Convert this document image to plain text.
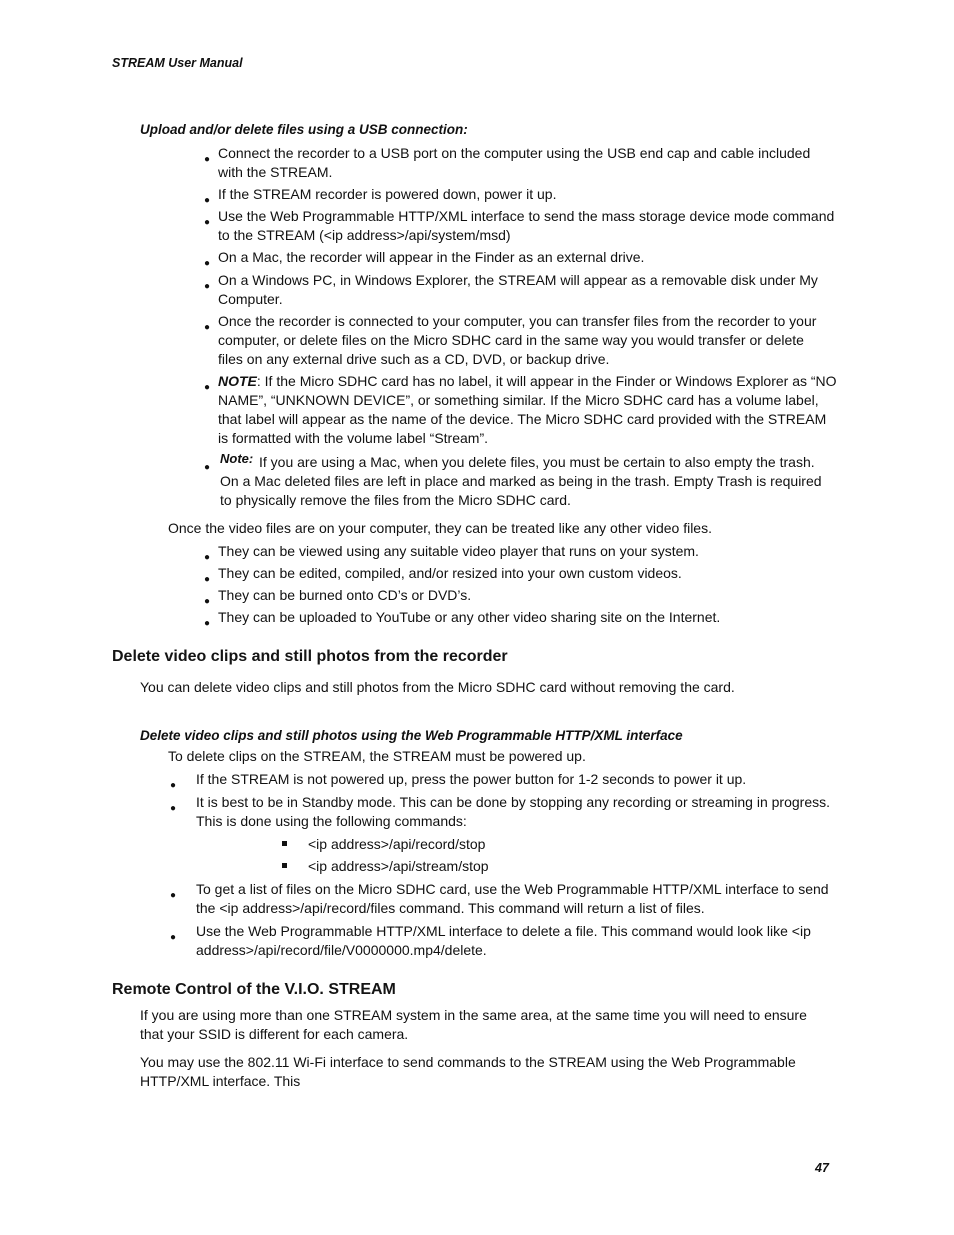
STREAM User Manual
Upload and/or delete files using a USB connection:
● Connect the recorder to a USB port on the computer using the USB end cap and cable included
with the STREAM.
● If the STREAM recorder is powered down, power it up.
● Use the Web Programmable HTTP/XML interface to send the mass storage device mode command
to the STREAM (<ip address>/api/system/msd)
● On a Mac, the recorder will appear in the Finder as an external drive.
● On a Windows PC, in Windows Explorer, the STREAM will appear as a removable disk under My
Computer.
● Once the recorder is connected to your computer, you can transfer files from the recorder to your
computer, or delete files on the Micro SDHC card in the same way you would transfer or delete
files on any external drive such as a CD, DVD, or backup drive.
● NOTE: If the Micro SDHC card has no label, it will appear in the Finder or Windows Explorer as “NO
NAME”, “UNKNOWN DEVICE”, or something similar. If the Micro SDHC card has a volume label,
that label will appear as the name of the device. The Micro SDHC card provided with the STREAM
is formatted with the volume label “Stream”.
●
Note: If you are using a Mac, when you delete files, you must be certain to also empty the trash.
On a Mac deleted files are left in place and marked as being in the trash. Empty Trash is required
to physically remove the files from the Micro SDHC card.
Once the video files are on your computer, they can be treated like any other video files.
● They can be viewed using any suitable video player that runs on your system.
● They can be edited, compiled, and/or resized into your own custom videos.
● They can be burned onto CD’s or DVD’s.
● They can be uploaded to YouTube or any other video sharing site on the Internet.
Delete video clips and still photos from the recorder
You can delete video clips and still photos from the Micro SDHC card without removing the card.
Delete video clips and still photos using the Web Programmable HTTP/XML interface
To delete clips on the STREAM, the STREAM must be powered up.
● If the STREAM is not powered up, press the power button for 1-2 seconds to power it up.
● It is best to be in Standby mode. This can be done by stopping any recording or streaming in progress.
This is done using the following commands:
<ip address>/api/record/stop
<ip address>/api/stream/stop
● To get a list of files on the Micro SDHC card, use the Web Programmable HTTP/XML interface to send
the <ip address>/api/record/files command. This command will return a list of files.
● Use the Web Programmable HTTP/XML interface to delete a file. This command would look like <ip
address>/api/record/file/V0000000.mp4/delete.
Remote Control of the V.I.O. STREAM
If you are using more than one STREAM system in the same area, at the same time you will need to ensure
that your SSID is different for each camera.
You may use the 802.11 Wi-Fi interface to send commands to the STREAM using the Web Programmable
HTTP/XML interface. This
47
